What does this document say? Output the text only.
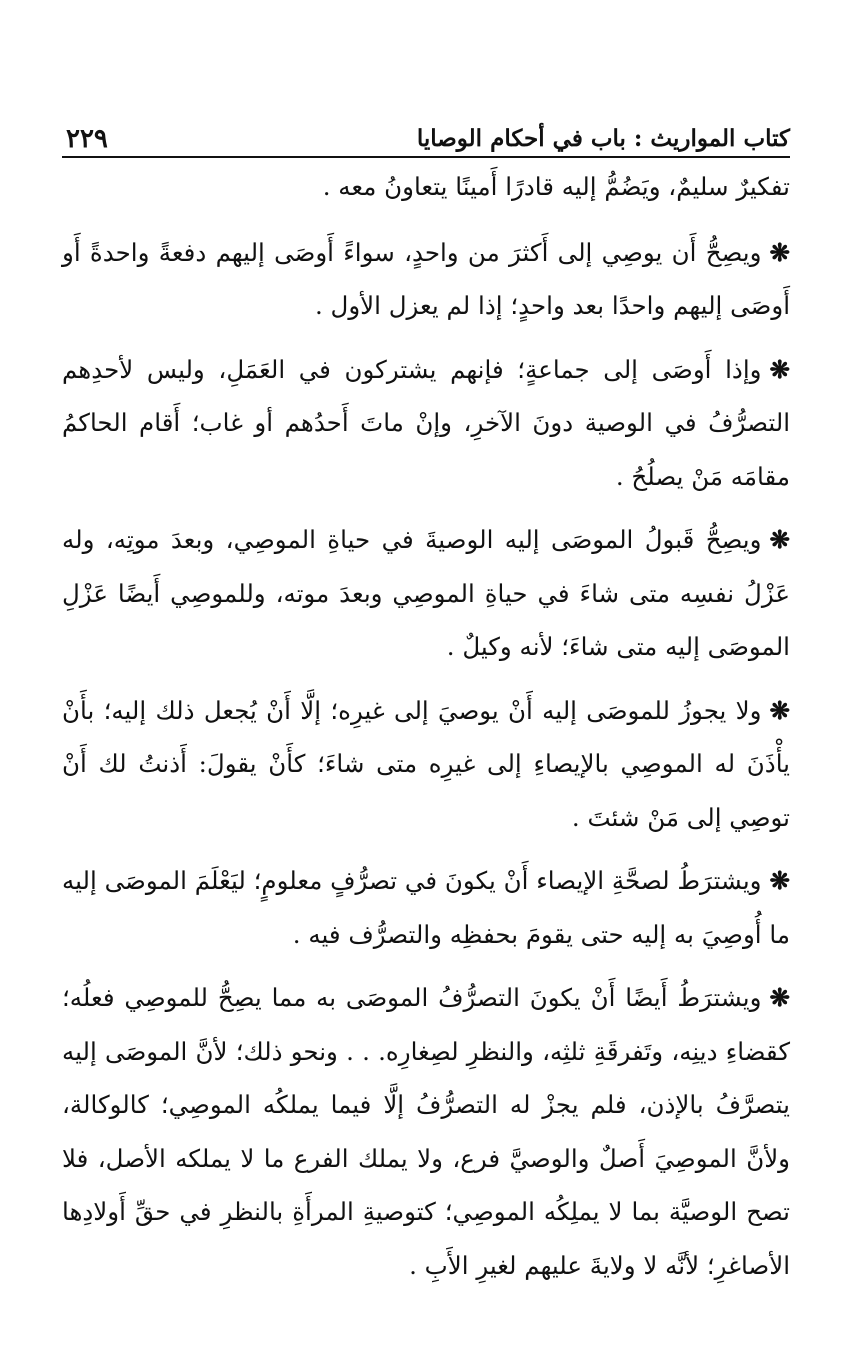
كتاب المواريث : باب في أحكام الوصايا
٢٢٩

تفكيرٌ سليمٌ، ويَضُمُّ إليه قادرًا أَمينًا يتعاونُ معه .

❋ويصِحُّ أَن يوصِي إلى أَكثرَ من واحدٍ، سواءً أَوصَى إليهم دفعةً واحدةً أَو أَوصَى إليهم واحدًا بعد واحدٍ؛ إذا لم يعزل الأول .

❋وإذا أَوصَى إلى جماعةٍ؛ فإنهم يشتركون في العَمَلِ، وليس لأحدِهم التصرُّفُ في الوصية دونَ الآخرِ، وإنْ ماتَ أَحدُهم أو غاب؛ أَقام الحاكمُ مقامَه مَنْ يصلُحُ .

❋ويصِحُّ قَبولُ الموصَى إليه الوصيةَ في حياةِ الموصِي، وبعدَ موتِه، وله عَزْلُ نفسِه متى شاءَ في حياةِ الموصِي وبعدَ موته، وللموصِي أَيضًا عَزْلِ الموصَى إليه متى شاءَ؛ لأنه وكيلٌ .

❋ولا يجوزُ للموصَى إليه أَنْ يوصيَ إلى غيرِه؛ إلَّا أَنْ يُجعل ذلك إليه؛ بأَنْ يأْذَنَ له الموصِي بالإيصاءِ إلى غيرِه متى شاءَ؛ كأَنْ يقولَ: أَذنتُ لك أَنْ توصِي إلى مَنْ شئتَ .

❋ويشترَطُ لصحَّةِ الإيصاء أَنْ يكونَ في تصرُّفٍ معلومٍ؛ ليَعْلَمَ الموصَى إليه ما أُوصِيَ به إليه حتى يقومَ بحفظِه والتصرُّف فيه .

❋ويشترَطُ أَيضًا أَنْ يكونَ التصرُّفُ الموصَى به مما يصِحُّ للموصِي فعلُه؛ كقضاءِ دينِه، وتَفرقَةِ ثلثِه، والنظرِ لصِغارِه. . . ونحو ذلك؛ لأنَّ الموصَى إليه يتصرَّفُ بالإذن، فلم يجزْ له التصرُّفُ إلَّا فيما يملكُه الموصِي؛ كالوكالة، ولأنَّ الموصِيَ أَصلٌ والوصيَّ فرع، ولا يملك الفرع ما لا يملكه الأصل، فلا تصح الوصيَّة بما لا يملِكُه الموصِي؛ كتوصيةِ المرأَةِ بالنظرِ في حقِّ أَولادِها الأصاغرِ؛ لأنَّه لا ولايةَ عليهم لغيرِ الأَبِ .
